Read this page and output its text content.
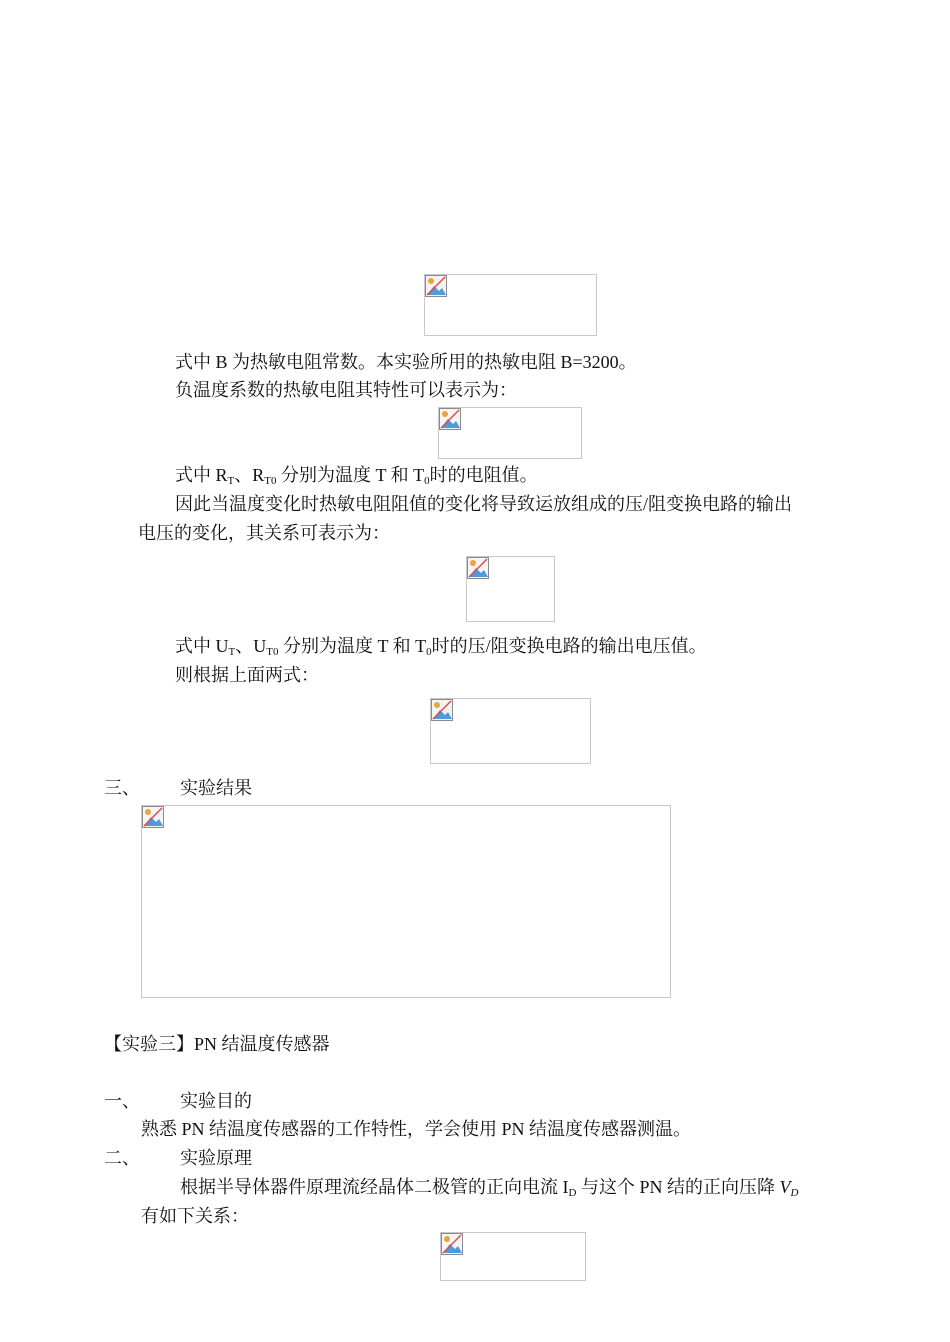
式中 B 为热敏电阻常数。本实验所用的热敏电阻 B=3200。
负温度系数的热敏电阻其特性可以表示为：
式中 $R_T$、$R_{T0}$ 分别为温度 T 和 $T_0$时的电阻值。
因此当温度变化时热敏电阻阻值的变化将导致运放组成的压/阻变换电路的输出
电压的变化，其关系可表示为：
式中 $U_T$、$U_{T0}$ 分别为温度 T 和 $T_0$时的压/阻变换电路的输出电压值。
则根据上面两式：
三、 实验结果
【实验三】PN 结温度传感器
一、 实验目的
熟悉 PN 结温度传感器的工作特性，学会使用 PN 结温度传感器测温。
二、 实验原理
根据半导体器件原理流经晶体二极管的正向电流 $I_D$ 与这个 PN 结的正向压降 $V_D$
有如下关系：
